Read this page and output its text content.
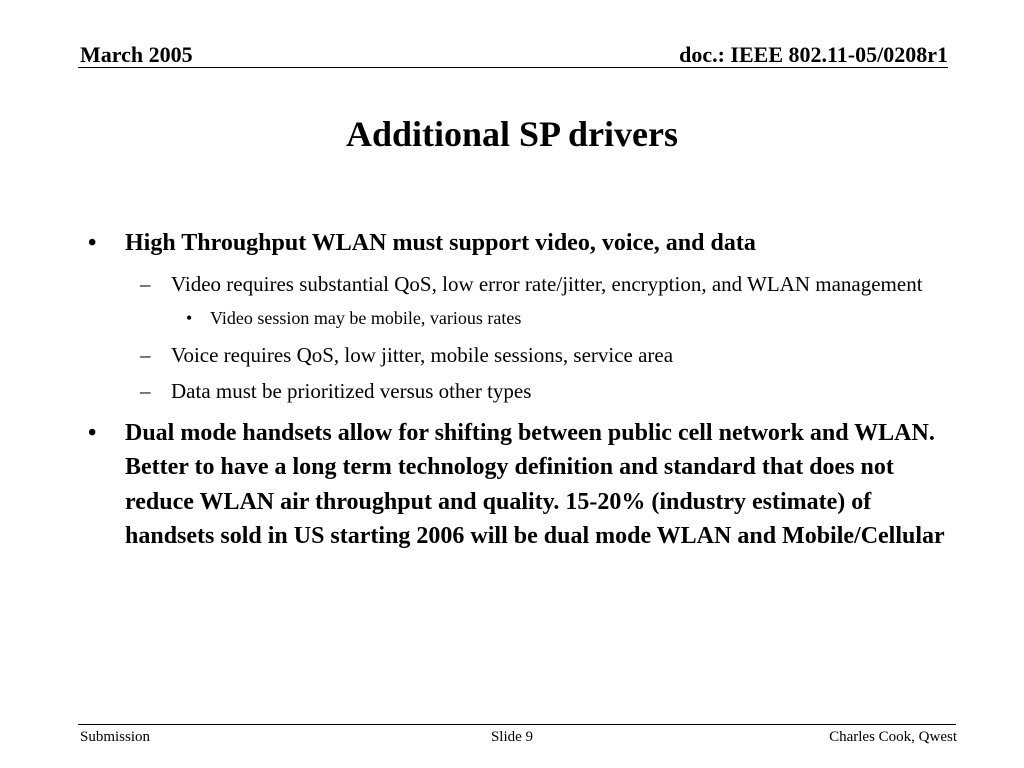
March 2005	doc.: IEEE 802.11-05/0208r1
Additional SP drivers
• High Throughput WLAN must support video, voice, and data
– Video requires substantial QoS, low error rate/jitter, encryption, and WLAN management
• Video session may be mobile, various rates
– Voice requires QoS, low jitter, mobile sessions, service area
– Data must be prioritized versus other types
• Dual mode handsets allow for shifting between public cell network and WLAN. Better to have a long term technology definition and standard that does not reduce WLAN air throughput and quality. 15-20% (industry estimate) of handsets sold in US starting 2006 will be dual mode WLAN and Mobile/Cellular
Submission	Slide 9	Charles Cook, Qwest
